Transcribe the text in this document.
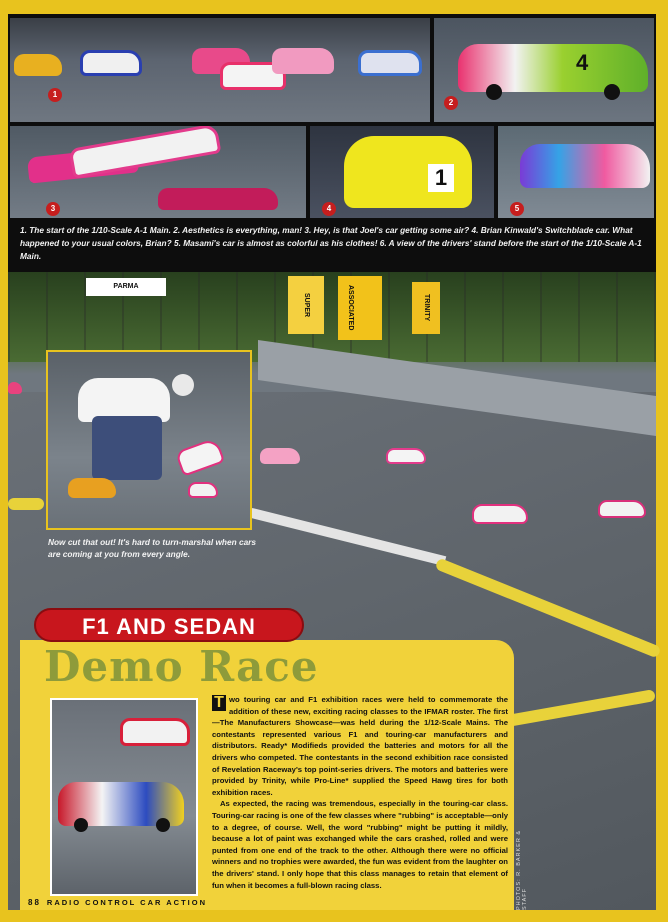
1
4
2
3
1
4	5
1. The start of the 1/10-Scale A-1 Main. 2. Aesthetics is everything, man! 3. Hey, is that Joel's car getting some air? 4. Brian Kinwald's Switchblade car. What happened to your usual colors, Brian? 5. Masami's car is almost as colorful as his clothes! 6. A view of the drivers' stand before the start of the 1/10-Scale A-1 Main.
PARMA	ASSOCIATED	TRINITY
SUPER
Now cut that out! It's hard to turn-marshal when cars are coming at you from every angle.
F1 AND SEDAN
Demo Race

T wo touring car and F1 exhibition races were held to commemorate the addition of these new, exciting racing classes to the IFMAR roster. The first—The Manufacturers Showcase—was held during the 1/12-Scale Mains. The contestants represented various F1 and touring-car manufacturers and distributors. Ready* Modifieds provided the batteries and motors for all the drivers who competed. The contestants in the second exhibition race consisted of Revelation Raceway's top point-series drivers. The motors and batteries were provided by Trinity, while Pro-Line* supplied the Speed Hawg tires for both exhibition races.

As expected, the racing was tremendous, especially in the touring-car class. Touring-car racing is one of the few classes where "rubbing" is acceptable—only to a degree, of course. Well, the word "rubbing" might be putting it mildly, because a lot of paint was exchanged while the cars crashed, rolled and were punted from one end of the track to the other. Although there were no official winners and no trophies were awarded, the fun was evident from the laughter on the drivers' stand. I only hope that this class manages to retain that element of fun when it becomes a full-blown racing class.	PHOTOS: R. BARKER & STAFF
88 RADIO CONTROL CAR ACTION
